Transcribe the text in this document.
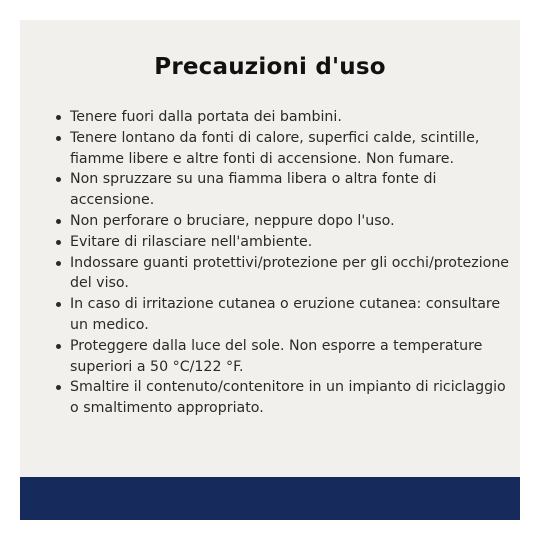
Precauzioni d'uso
Tenere fuori dalla portata dei bambini.
Tenere lontano da fonti di calore, superfici calde, scintille, fiamme libere e altre fonti di accensione. Non fumare.
Non spruzzare su una fiamma libera o altra fonte di accensione.
Non perforare o bruciare, neppure dopo l'uso.
Evitare di rilasciare nell'ambiente.
Indossare guanti protettivi/protezione per gli occhi/protezione del viso.
In caso di irritazione cutanea o eruzione cutanea: consultare un medico.
Proteggere dalla luce del sole. Non esporre a temperature superiori a 50 °C/122 °F.
Smaltire il contenuto/contenitore in un impianto di riciclaggio o smaltimento appropriato.
